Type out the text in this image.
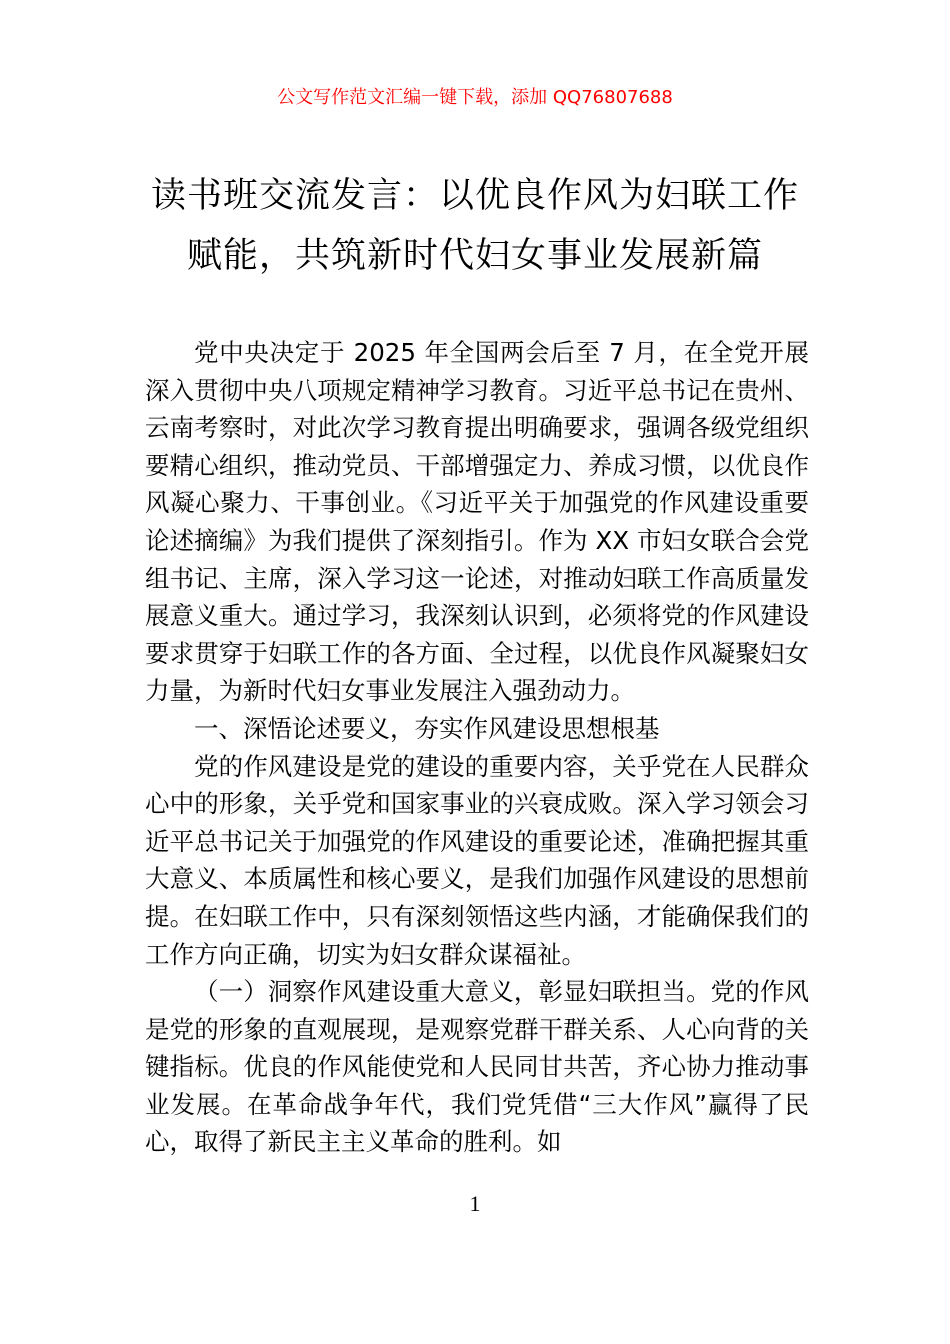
公文写作范文汇编一键下载，添加 QQ76807688
读书班交流发言：以优良作风为妇联工作
赋能，共筑新时代妇女事业发展新篇

党中央决定于 2025 年全国两会后至 7 月，在全党开展深入贯彻中央八项规定精神学习教育。习近平总书记在贵州、云南考察时，对此次学习教育提出明确要求，强调各级党组织要精心组织，推动党员、干部增强定力、养成习惯，以优良作风凝心聚力、干事创业。《习近平关于加强党的作风建设重要论述摘编》为我们提供了深刻指引。作为 XX 市妇女联合会党组书记、主席，深入学习这一论述，对推动妇联工作高质量发展意义重大。通过学习，我深刻认识到，必须将党的作风建设要求贯穿于妇联工作的各方面、全过程，以优良作风凝聚妇女力量，为新时代妇女事业发展注入强劲动力。

一、深悟论述要义，夯实作风建设思想根基

党的作风建设是党的建设的重要内容，关乎党在人民群众心中的形象，关乎党和国家事业的兴衰成败。深入学习领会习近平总书记关于加强党的作风建设的重要论述，准确把握其重大意义、本质属性和核心要义，是我们加强作风建设的思想前提。在妇联工作中，只有深刻领悟这些内涵，才能确保我们的工作方向正确，切实为妇女群众谋福祉。

（一）洞察作风建设重大意义，彰显妇联担当。党的作风是党的形象的直观展现，是观察党群干群关系、人心向背的关键指标。优良的作风能使党和人民同甘共苦，齐心协力推动事业发展。在革命战争年代，我们党凭借“三大作风”赢得了民心，取得了新民主主义革命的胜利。如

1
